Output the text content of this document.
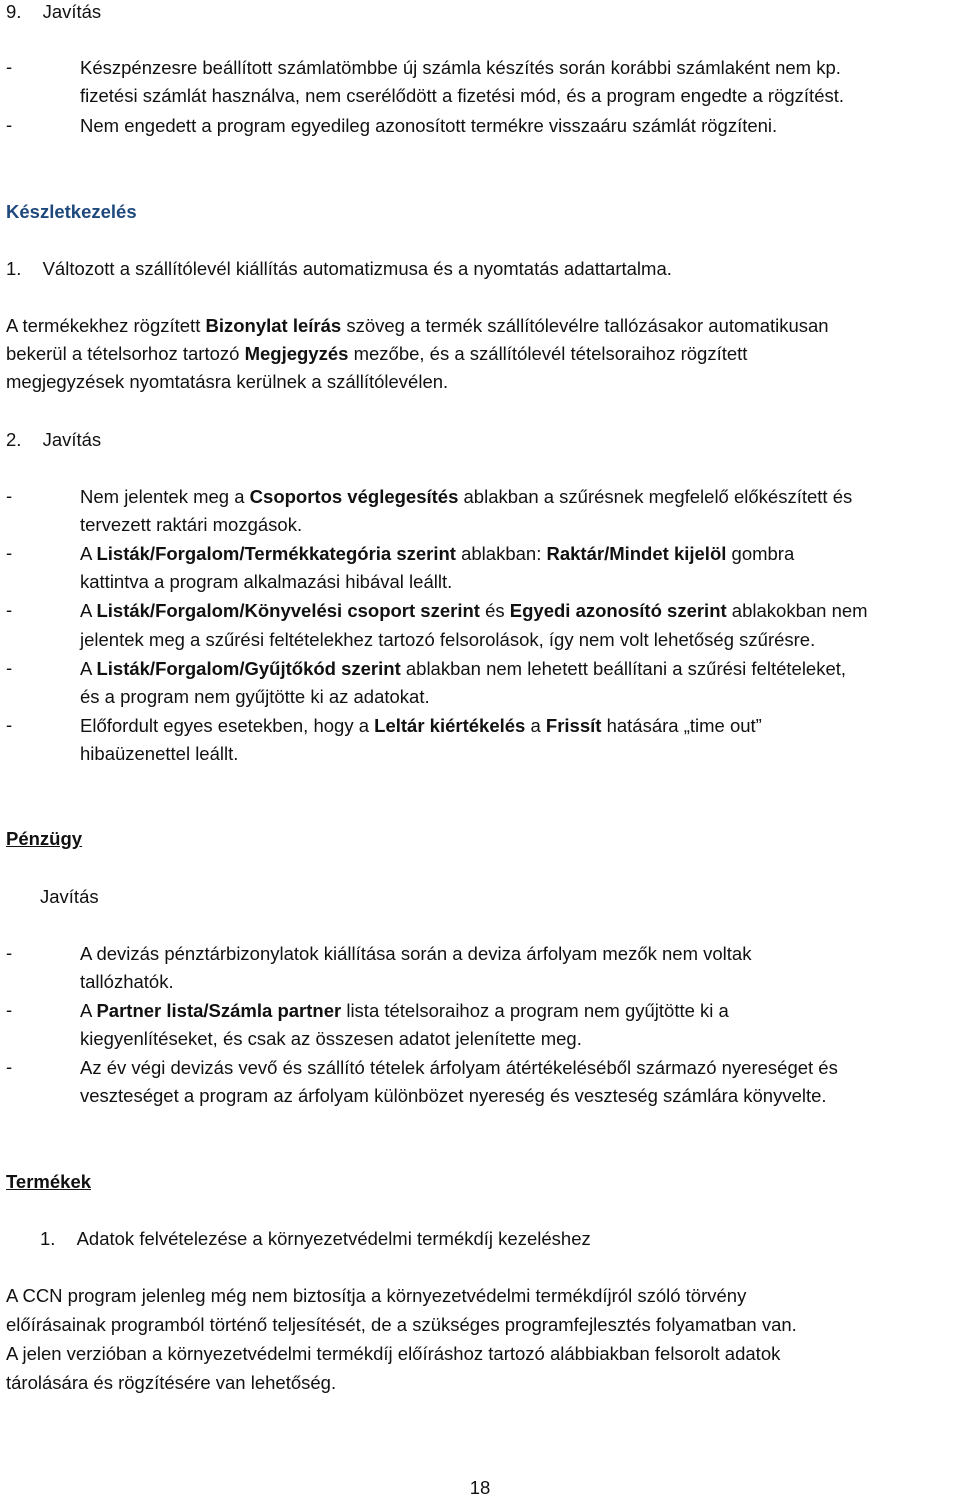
9. Javítás
-	Készpénzesre beállított számlatömbbe új számla készítés során korábbi számlaként nem kp.
fizetési számlát használva, nem cserélődött a fizetési mód, és a program engedte a rögzítést.
-	Nem engedett a program egyedileg azonosított termékre visszaáru számlát rögzíteni.
Készletkezelés
1. Változott a szállítólevél kiállítás automatizmusa és a nyomtatás adattartalma.
A termékekhez rögzített Bizonylat leírás szöveg a termék szállítólevélre tallózásakor automatikusan
bekerül a tételsorhoz tartozó Megjegyzés mezőbe, és a szállítólevél tételsoraihoz rögzített
megjegyzések nyomtatásra kerülnek a szállítólevélen.
2. Javítás
-	Nem jelentek meg a Csoportos véglegesítés ablakban a szűrésnek megfelelő előkészített és
tervezett raktári mozgások.
-	A Listák/Forgalom/Termékkategória szerint ablakban: Raktár/Mindet kijelöl gombra
kattintva a program alkalmazási hibával leállt.
-	A Listák/Forgalom/Könyvelési csoport szerint és Egyedi azonosító szerint ablakokban nem
jelentek meg a szűrési feltételekhez tartozó felsorolások, így nem volt lehetőség szűrésre.
-	A Listák/Forgalom/Gyűjtőkód szerint ablakban nem lehetett beállítani a szűrési feltételeket,
és a program nem gyűjtötte ki az adatokat.
-	Előfordult egyes esetekben, hogy a Leltár kiértékelés a Frissít hatására „time out”
hibaüzenettel leállt.
Pénzügy
Javítás
-	A devizás pénztárbizonylatok kiállítása során a deviza árfolyam mezők nem voltak
tallózhatók.
-	A Partner lista/Számla partner lista tételsoraihoz a program nem gyűjtötte ki a
kiegyenlítéseket, és csak az összesen adatot jelenítette meg.
-	Az év végi devizás vevő és szállító tételek árfolyam átértékeléséből származó nyereséget és
veszteséget a program az árfolyam különbözet nyereség és veszteség számlára könyvelte.
Termékek
1. Adatok felvételezése a környezetvédelmi termékdíj kezeléshez
A CCN program jelenleg még nem biztosítja a környezetvédelmi termékdíjról szóló törvény
előírásainak programból történő teljesítését, de a szükséges programfejlesztés folyamatban van.
A jelen verzióban a környezetvédelmi termékdíj előíráshoz tartozó alábbiakban felsorolt adatok
tárolására és rögzítésére van lehetőség.
18
